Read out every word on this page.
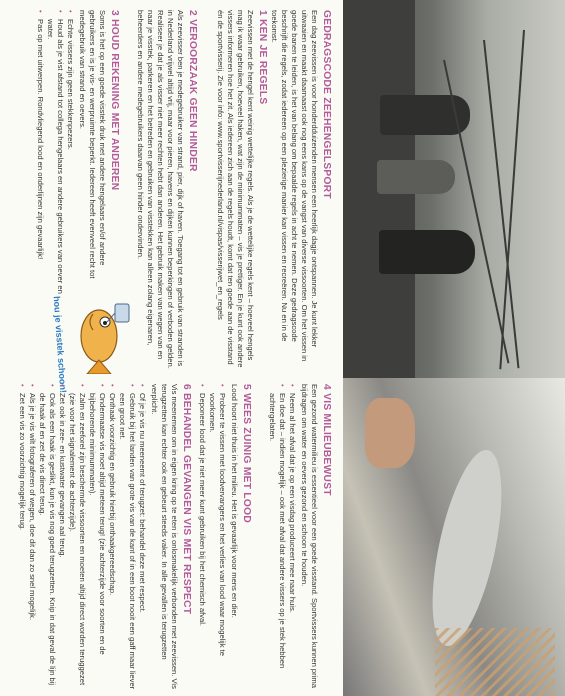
GEDRAGSCODE ZEEHENGELSPORT

Een dag zeevissen is voor honderdduizenden mensen een heerlijk dagje ontspannen. Je kunt lekker uitwaaien en maakt daarnaast ook nog eens kans op de vangst van diverse vissoorten. Om het vissen in goede banen te leiden, is het van belang om bepaalde regels in acht te nemen. Deze gedragscode beschrijft die regels, zodat iedereen op een plezierige manier kan vissen en recreëren. Nu en in de toekomst.

1 KEN JE REGELS

Zeevissen met de hengel kent weinig wettelijke regels. Als je de wettelijke regels kent – hoeveel hengels mag ik waar gebruiken, hoeveel haken, wat zijn de minimummaten – vis je prettiger. En je kunt ook andere vissers informeren hoe het zit. Als iedereen zich aan de regels houdt, komt dat ten goede aan de visstand én de sportvisserij. Zie voor info: www.sportvisserijnederland.nl/vispas/visserijwet_en_regels

2 VEROORZAAK GEEN HINDER

Als zeevisser ben je medegebruiker van strand, pier, dijk of haven. Toegang tot en gebruik van stranden is in Nederland vrijwel altijd vrij, maar voor pieren, havens en dijken kunnen beperkingen of verboden gelden. Realiseer je dat je als visser niet meer rechten hebt dan anderen. Het gebruik maken van wegen van en naar je visstek, parkeren en het betreden en gebruiken van visstekken kan alleen zolang eigenaren, beheerders en andere medegebruikers daarvan geen hinder ondervinden.

3 HOUD REKENING MET ANDEREN

Soms is het op een goede visstek druk met andere hengelaars en/of andere gebruikers en is je vis- en werpruimte beperkt. Iedereen heeft evenveel recht tot medegebruik van strand en oevers.

• Echte vissers zijn geen stekkenpezers.
• Houd als je vist afstand tot collega hengelaars en andere gebruikers van oever en water.
• Pas op met uitwerpen. Rondvliegend lood en onderlijnen zijn gevaarlijk!
hou je visstek schoon!
4 VIS MILIEUBEWUST

Een gezond watermilieu is essentieel voor een goede visstand. Sportvissers kunnen prima bijdragen om water en oevers gezond en schoon te houden.

• Neem al het afval dat je op een visdag produceert mee naar huis.
• En doe dat – indien mogelijk – ook met afval dat andere vissers op je stek hebben achtergelaten.
5 WEES ZUINIG MET LOOD

Lood hoort niet thuis in het milieu. Het is gevaarlijk voor mens en dier.

• Probeer te vissen met loodvervangers en het verlies van lood waar mogelijk te voorkomen.
• Deponeer lood dat je niet meer kunt gebruiken bij het chemisch afval.
6 BEHANDEL GEVANGEN VIS MET RESPECT

Vis meenemen om in eigen kring op te eten is onlosmakelijk verbonden met zeevissen. Vis terugzetten kan echter ook en gebeurt steeds vaker. In alle gevallen is terugzetten verplicht.

• Of je je vis nu meeneemt of terugzet: behandel deze met respect.
• Gebruik bij het landen van grote vis van de kant of in een boot nooit een gaff maar liever een groot net.
• Onthaak voorzichtig en gebruik hierbij onthaakgereedschap.
• Ondermaatse vis moet altijd meteen terug! (zie achterzijde voor soorten en de bijbehorende minimummaten).
• Zalm en zeeforel zijn beschermde vissoorten en moeten altijd direct worden teruggezet (zie voor het signalement de achterzijde).
• Zet ook in zee- en kustwater gevangen aal terug.
• Ook als een haak is geslikt, kun je vis nog goed terugzetten. Knip in dat geval de lijn bij de haak af en zet de vis direct terug.
• Als je je vis wilt fotograferen of wegen, doe dit dan zo snel mogelijk.
• Zet een vis zo voorzichtig mogelijk terug.
